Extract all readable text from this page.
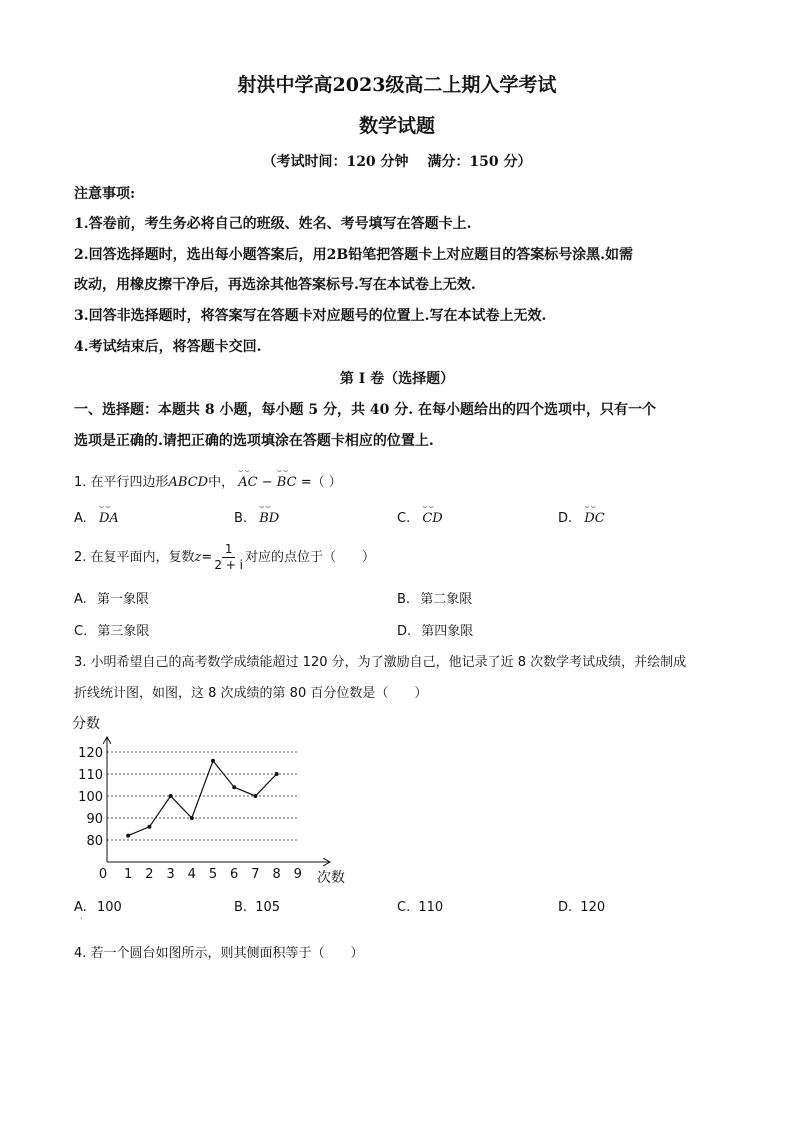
射洪中学高2023级高二上期入学考试
数学试题
（考试时间：120 分钟　 满分：150 分）
注意事项:
1.答卷前，考生务必将自己的班级、姓名、考号填写在答题卡上.
2.回答选择题时，选出每小题答案后，用2B铅笔把答题卡上对应题目的答案标号涂黑.如需
改动，用橡皮擦干净后，再选涂其他答案标号.写在本试卷上无效.
3.回答非选择题时，将答案写在答题卡对应题号的位置上.写在本试卷上无效.
4.考试结束后，将答题卡交回.
第 I 卷（选择题）
一、选择题：本题共 8 小题，每小题 5 分，共 40 分. 在每小题给出的四个选项中，只有一个
选项是正确的.请把正确的选项填涂在答题卡相应的位置上.
1. 在平行四边形ABCD中， ⌣⌣ AC − ⌣⌣ BC =（ ）
A. ⌣⌣ DA	B. ⌣⌣ BD	C. ⌣⌣ CD	D. ⌣⌣ DC
2. 在复平面内，复数$z= \frac{1}{2 + i}$ 对应的点位于（　　）
A. 第一象限	B. 第二象限
C. 第三象限	D. 第四象限
3. 小明希望自己的高考数学成绩能超过 120 分，为了激励自己，他记录了近 8 次数学考试成绩，并绘制成
折线统计图，如图，这 8 次成绩的第 80 百分位数是（　　）
80
90
100
110
120
0 1 2 3 4 5 6 7 8 9
分数
次数
A. 100	B. 105	C. 110	D. 120
·
4. 若一个圆台如图所示，则其侧面积等于（　　）
